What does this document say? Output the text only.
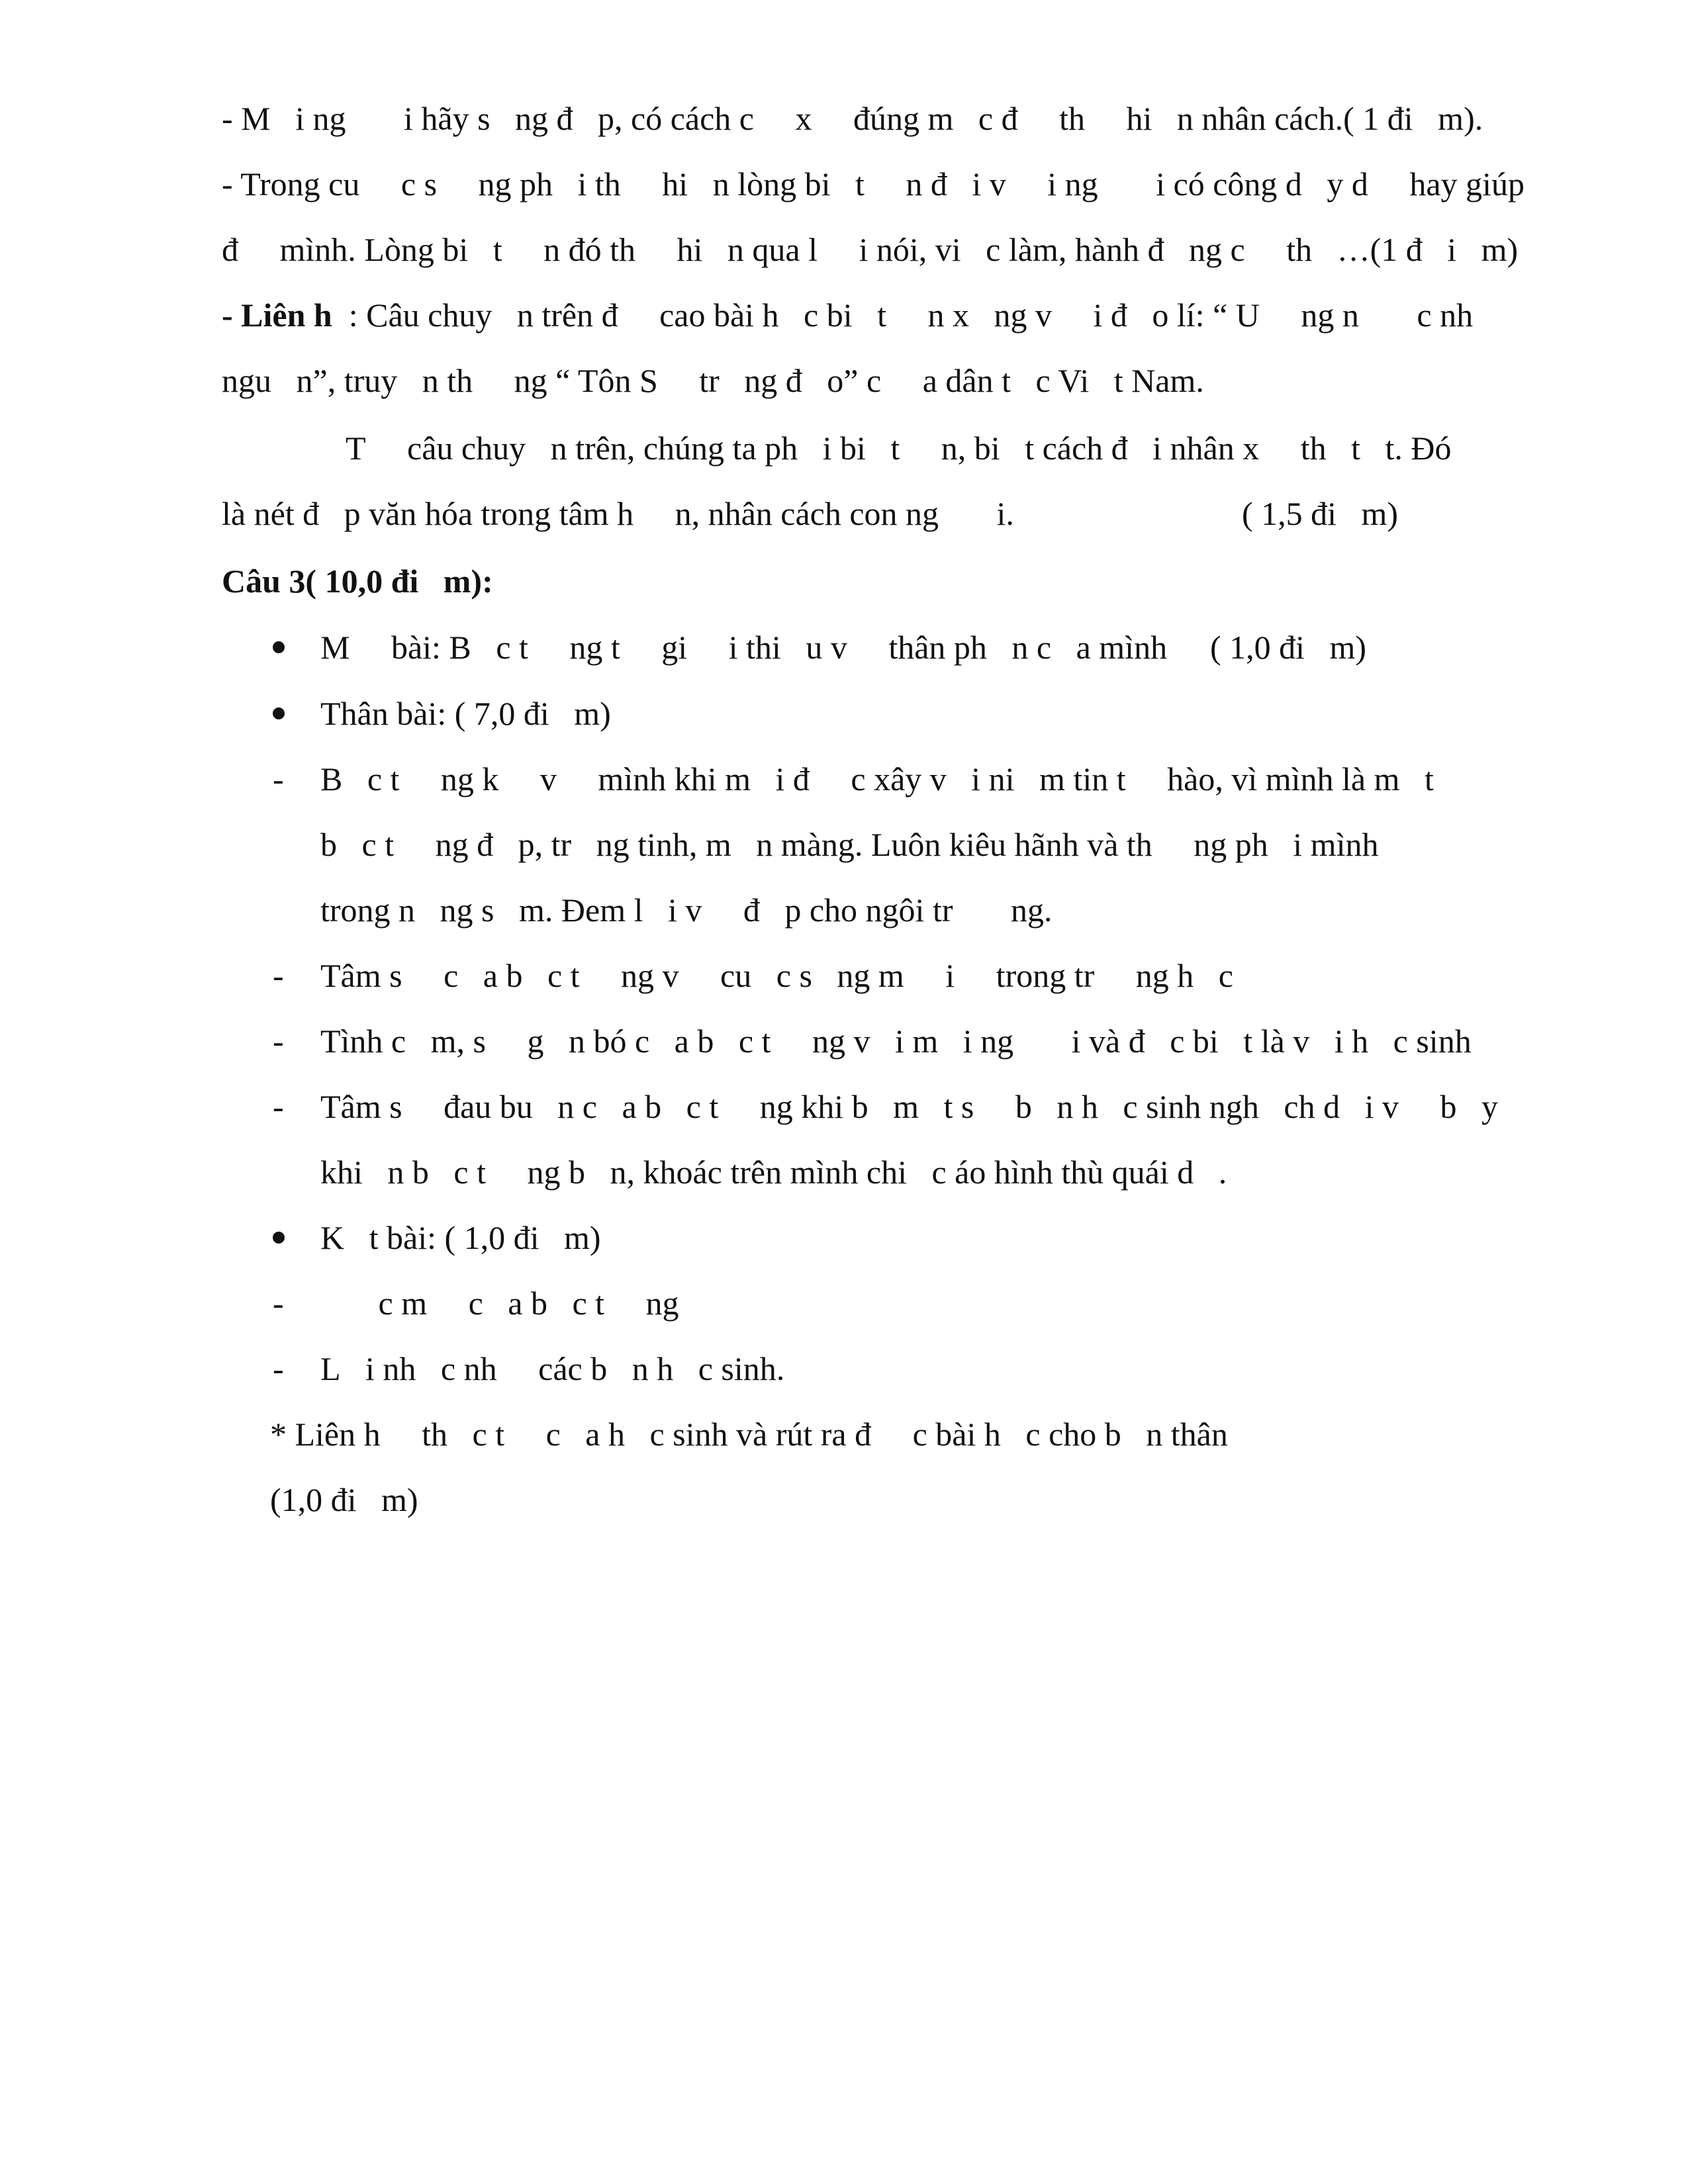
- M  i ng    i hãy s  ng đ  p, có cách c   x   đúng m  c đ   th   hi  n nhân cách.( 1 đi  m).
- Trong cu   c s   ng ph  i th   hi  n lòng bi  t   n đ  i v   i ng    i có công d  y d   hay giúp
đ   mình. Lòng bi  t   n đó th   hi  n qua l   i nói, vi  c làm, hành đ  ng c   th  …(1 đ  i  m)
- Liên h : Câu chuy  n trên đ   cao bài h  c bi  t   n x  ng v   i đ  o lí: “ U   ng n    c nh 
ngu  n”, truy  n th   ng “ Tôn S   tr  ng đ  o” c   a dân t  c Vi  t Nam.
T   câu chuy  n trên, chúng ta ph  i bi  t   n, bi  t cách đ  i nhân x   th  t  t. Đó
là nét đ  p văn hóa trong tâm h   n, nhân cách con ng    i.	( 1,5 đi  m)
Câu 3( 10,0 đi  m):
M   bài: B  c t   ng t   gi   i thi  u v   thân ph  n c  a mình ( 1,0 đi  m)
Thân bài: ( 7,0 đi  m)
- B  c t   ng k   v   mình khi m  i đ   c xây v  i ni  m tin t   hào, vì mình là m  t
b  c t   ng đ  p, tr  ng tinh, m  n màng. Luôn kiêu hãnh và th   ng ph  i mình
trong n  ng s  m. Đem l  i v   đ  p cho ngôi tr    ng.
- Tâm s   c  a b  c t   ng v   cu  c s  ng m   i   trong tr   ng h  c
- Tình c  m, s   g  n bó c  a b  c t   ng v  i m  i ng    i và đ  c bi  t là v  i h  c sinh
- Tâm s   đau bu  n c  a b  c t   ng khi b  m  t s   b  n h  c sinh ngh  ch d  i v   b  y
khi  n b  c t   ng b  n, khoác trên mình chi  c áo hình thù quái d  .
K  t bài: ( 1,0 đi  m)
-     c m   c  a b  c t   ng
- L  i nh  c nh   các b  n h  c sinh.
* Liên h   th  c t   c  a h  c sinh và rút ra đ   c bài h  c cho b  n thân
(1,0 đi  m)
